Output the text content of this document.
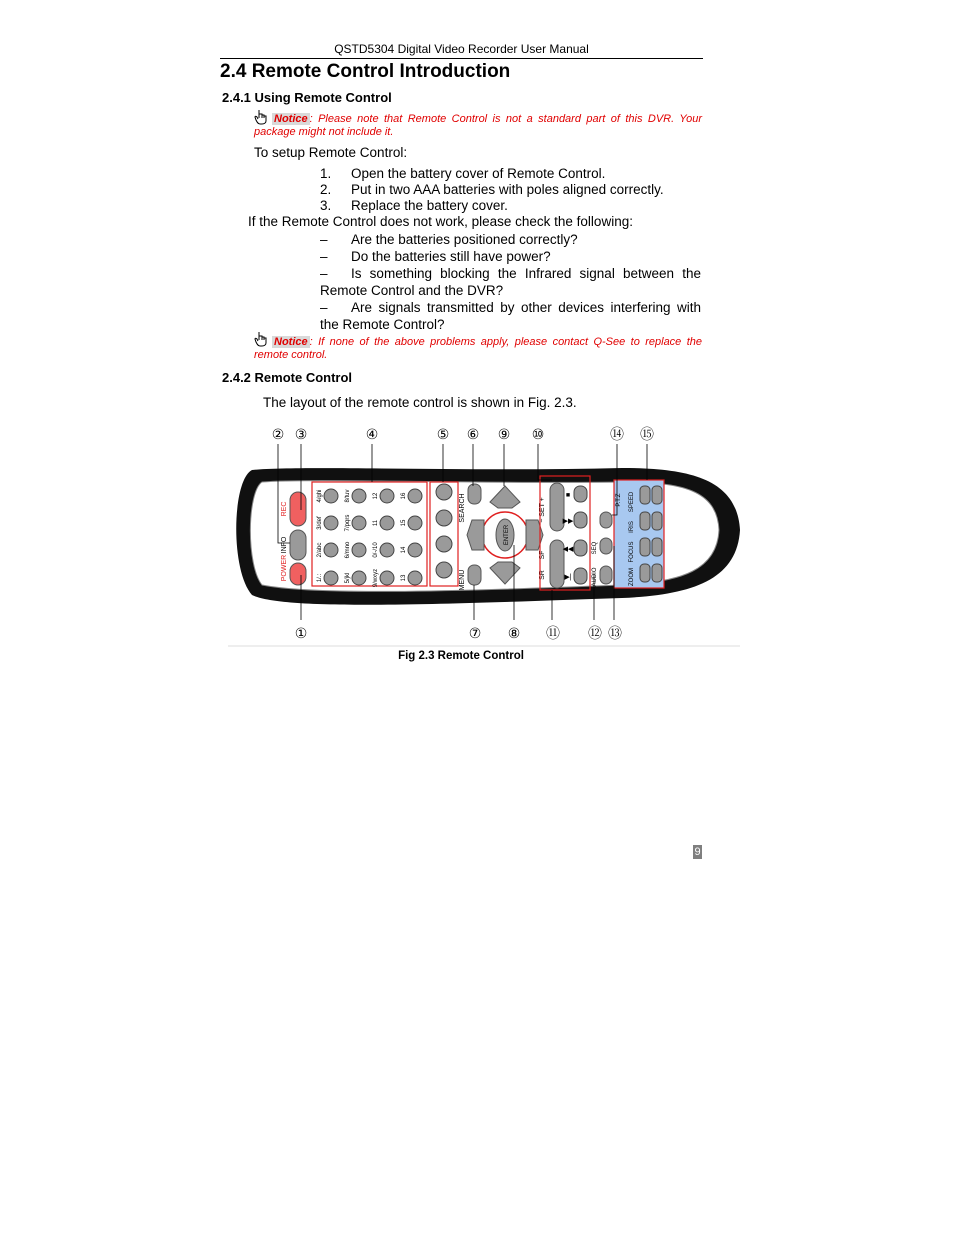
QSTD5304 Digital Video Recorder User Manual
2.4 Remote Control Introduction
2.4.1 Using Remote Control
Notice : Please note that Remote Control is not a standard part of this DVR. Your package might not include it.
To setup Remote Control:
1. Open the battery cover of Remote Control.
2. Put in two AAA batteries with poles aligned correctly.
3. Replace the battery cover.
If the Remote Control does not work, please check the following:
– Are the batteries positioned correctly?
– Do the batteries still have power?
– Is something blocking the Infrared signal between the Remote Control and the DVR?
– Are signals transmitted by other devices interfering with the Remote Control?
Notice : If none of the above problems apply, please contact Q-See to replace the remote control.
2.4.2 Remote Control
The layout of the remote control is shown in Fig. 2.3.
② ③	④	⑤ ⑥ ⑨ ⑩	⑭ ⑮
REC
INFO
POWER	1/.:
2/abc
3/def
4/ghi
5/jkl
6/mno
7/pqrs
8/tuv
9/wxyz
0/-/10
11
12
13
14
15
16	SEARCH
MENU
ENTER
− SET +
SF
SR
■
▶▶
◀◀
▶|
SEQ
AUDIO
P.T.Z SPEED
IRIS
FOCUS
ZOOM
①	⑦ ⑧ ⑪ ⑫ ⑬
Fig 2.3 Remote Control
9
